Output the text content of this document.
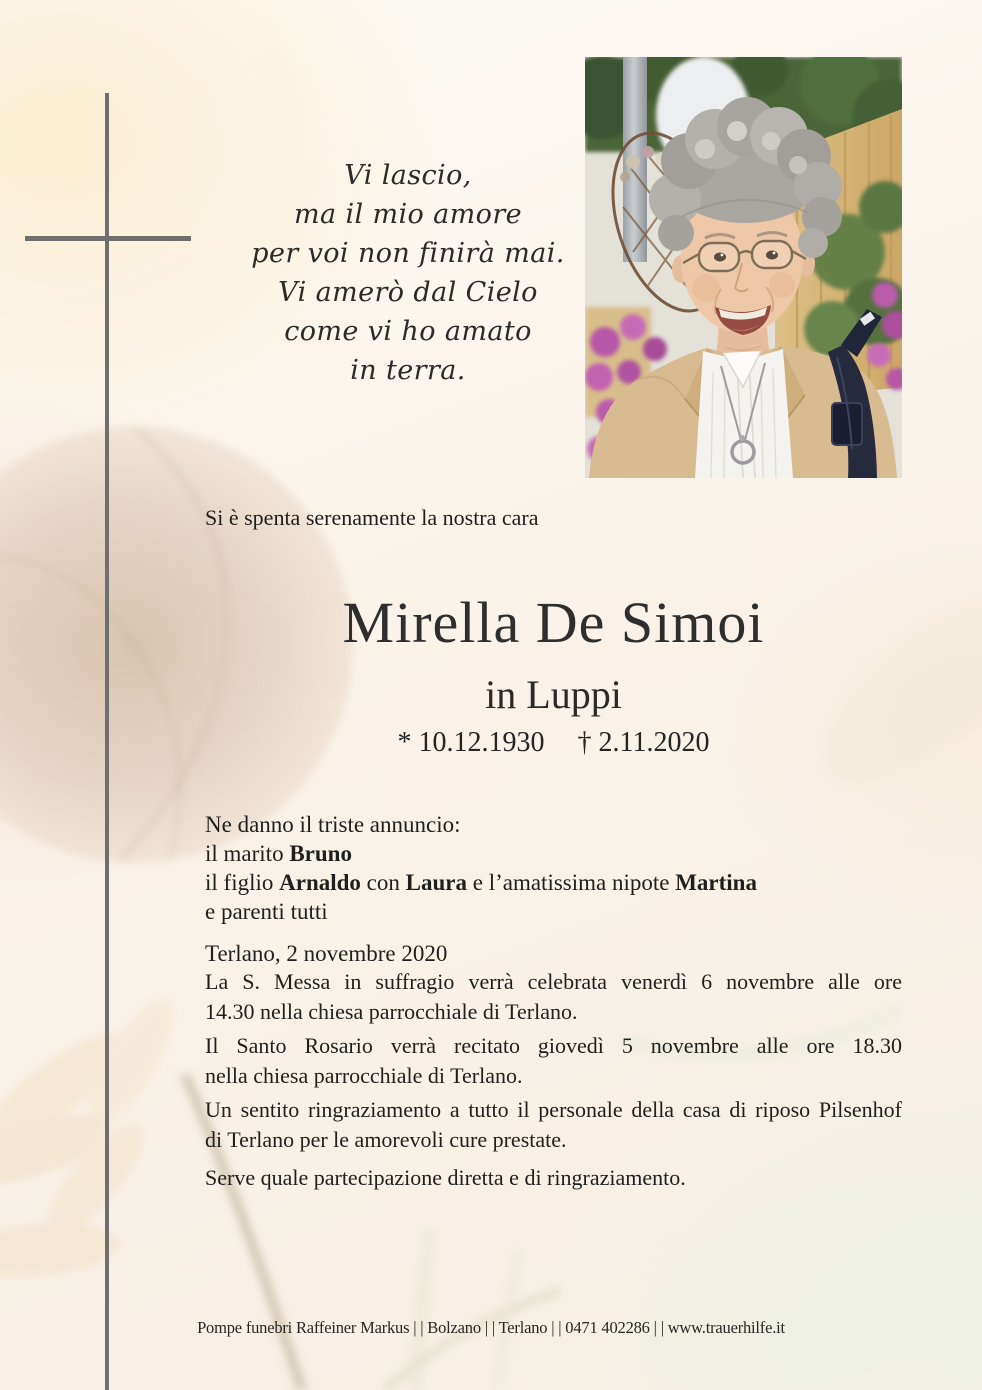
Vi lascio,
ma il mio amore
per voi non finirà mai.
Vi amerò dal Cielo
come vi ho amato
in terra.
Si è spenta serenamente la nostra cara
Mirella De Simoi
in Luppi
* 10.12.1930 † 2.11.2020
Ne danno il triste annuncio:
il marito Bruno
il figlio Arnaldo con Laura e l’amatissima nipote Martina
e parenti tutti
Terlano, 2 novembre 2020

La S. Messa in suffragio verrà celebrata venerdì 6 novembre alle ore
14.30 nella chiesa parrocchiale di Terlano.

Il Santo Rosario verrà recitato giovedì 5 novembre alle ore 18.30
nella chiesa parrocchiale di Terlano.

Un sentito ringraziamento a tutto il personale della casa di riposo Pilsenhof
di Terlano per le amorevoli cure prestate.

Serve quale partecipazione diretta e di ringraziamento.

Pompe funebri Raffeiner Markus | | Bolzano | | Terlano | | 0471 402286 | | www.trauerhilfe.it
